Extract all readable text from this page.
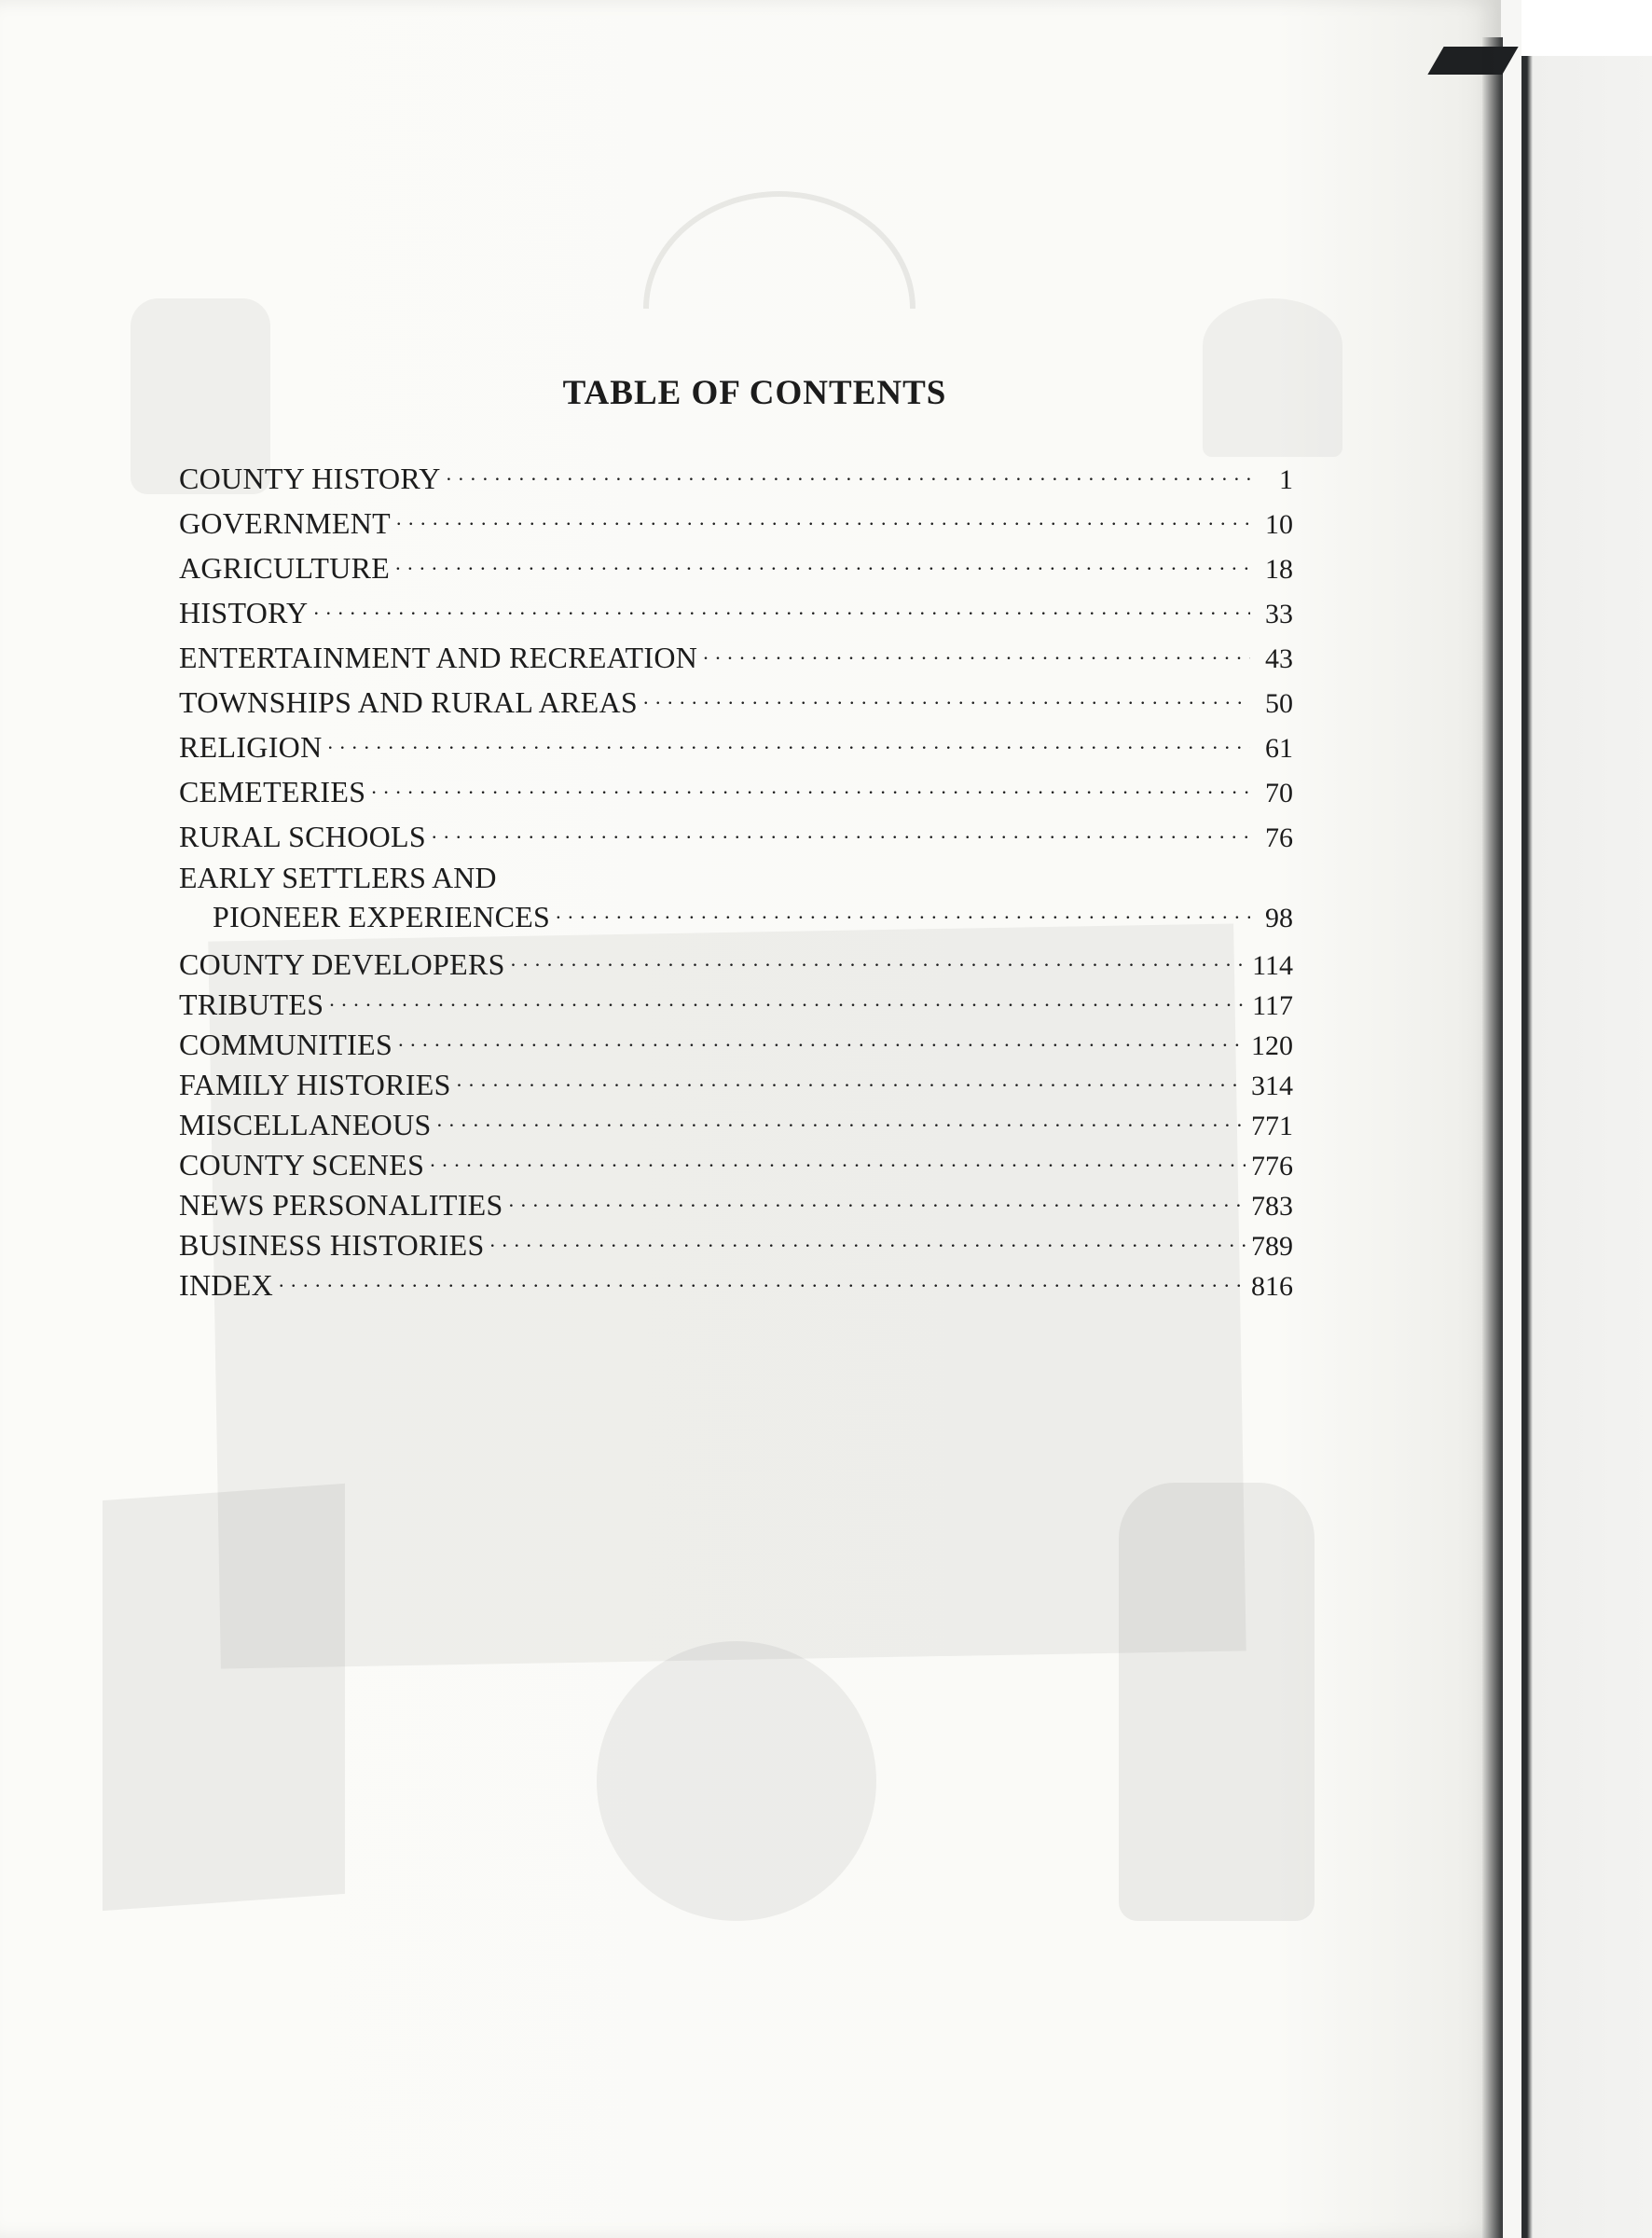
TABLE OF CONTENTS
COUNTY HISTORY . . .	1
GOVERNMENT . . .	10
AGRICULTURE . . .	18
HISTORY . . .	33
ENTERTAINMENT AND RECREATION . . .	43
TOWNSHIPS AND RURAL AREAS . . .	50
RELIGION . . .	61
CEMETERIES . . .	70
RURAL SCHOOLS . . .	76
EARLY SETTLERS AND
PIONEER EXPERIENCES . . .	98
COUNTY DEVELOPERS . . .	114
TRIBUTES . . .	117
COMMUNITIES . . .	120
FAMILY HISTORIES . . .	314
MISCELLANEOUS . . .	771
COUNTY SCENES . . .	776
NEWS PERSONALITIES . . .	783
BUSINESS HISTORIES . . .	789
INDEX . . .	816
